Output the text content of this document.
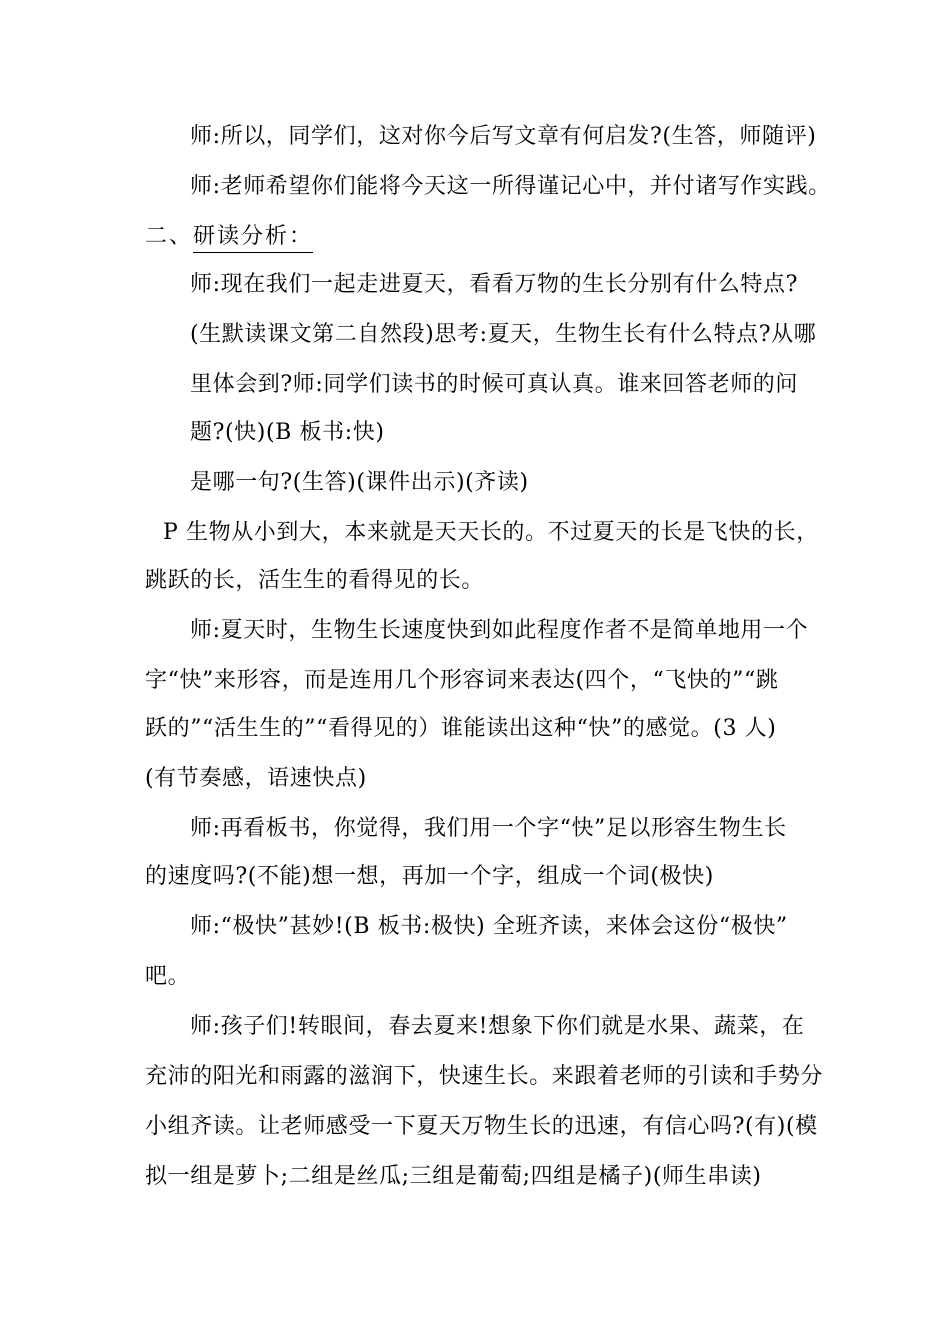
师:所以，同学们，这对你今后写文章有何启发?(生答，师随评)
师:老师希望你们能将今天这一所得谨记心中，并付诸写作实践。
二、研读分析：
师:现在我们一起走进夏天，看看万物的生长分别有什么特点?
(生默读课文第二自然段)思考:夏天，生物生长有什么特点?从哪
里体会到?师:同学们读书的时候可真认真。谁来回答老师的问
题?(快)(B 板书:快)
是哪一句?(生答)(课件出示)(齐读)
P 生物从小到大，本来就是天天长的。不过夏天的长是飞快的长，
跳跃的长，活生生的看得见的长。
师:夏天时，生物生长速度快到如此程度作者不是简单地用一个
字“快”来形容，而是连用几个形容词来表达(四个，“飞快的”“跳
跃的”“活生生的”“看得见的）谁能读出这种“快”的感觉。(3 人)
(有节奏感，语速快点)
师:再看板书，你觉得，我们用一个字“快”足以形容生物生长
的速度吗?(不能)想一想，再加一个字，组成一个词(极快)
师:“极快”甚妙!(B 板书:极快) 全班齐读，来体会这份“极快”
吧。
师:孩子们!转眼间，春去夏来!想象下你们就是水果、蔬菜，在
充沛的阳光和雨露的滋润下，快速生长。来跟着老师的引读和手势分
小组齐读。让老师感受一下夏天万物生长的迅速，有信心吗?(有)(模
拟一组是萝卜;二组是丝瓜;三组是葡萄;四组是橘子)(师生串读)
